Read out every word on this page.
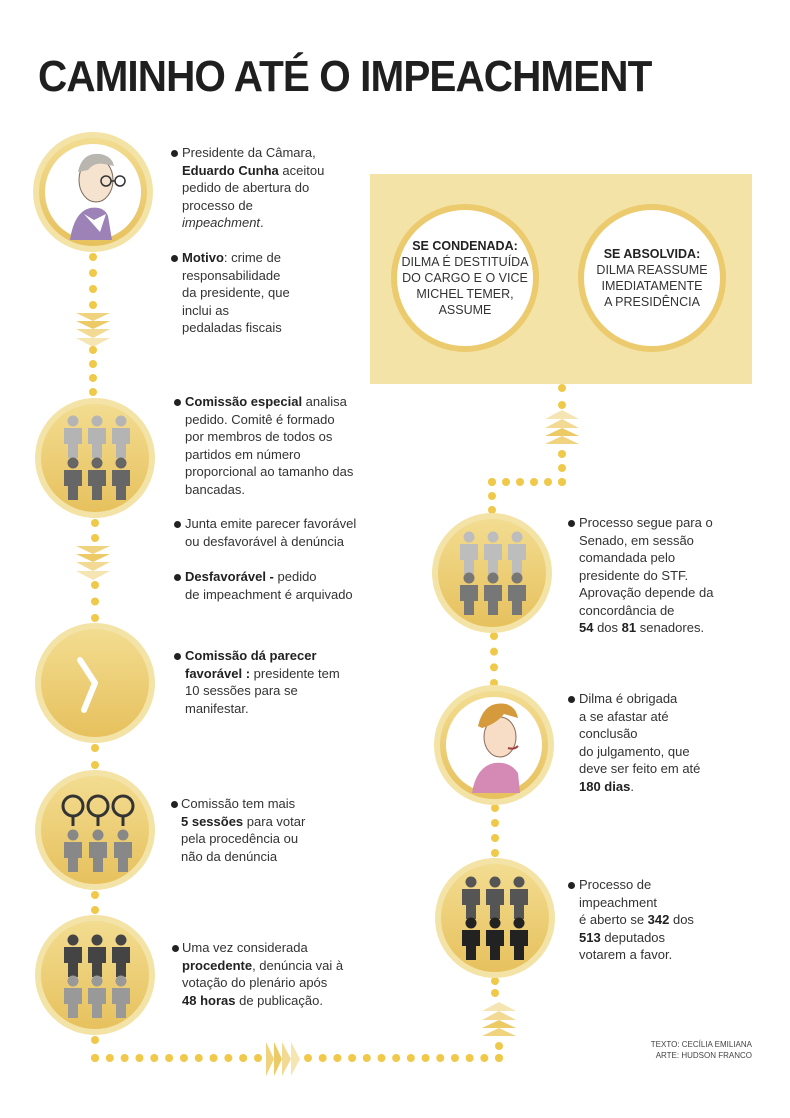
CAMINHO ATÉ O IMPEACHMENT
SE CONDENADA:
DILMA É DESTITUÍDA
DO CARGO E O VICE
MICHEL TEMER,
ASSUME
SE ABSOLVIDA:
DILMA REASSUME
IMEDIATAMENTE
A PRESIDÊNCIA
Presidente da Câmara,
Eduardo Cunha aceitou
pedido de abertura do
processo de
impeachment.
Motivo: crime de
responsabilidade
da presidente, que
inclui as
pedaladas fiscais
Comissão especial analisa
pedido. Comitê é formado
por membros de todos os
partidos em número
proporcional ao tamanho das
bancadas.
Junta emite parecer favorável
ou desfavorável à denúncia
Desfavorável - pedido
de impeachment é arquivado
Comissão dá parecer
favorável : presidente tem
10 sessões para se
manifestar.
Comissão tem mais
5 sessões para votar
pela procedência ou
não da denúncia
Uma vez considerada
procedente, denúncia vai à
votação do plenário após
48 horas de publicação.
Processo segue para o
Senado, em sessão
comandada pelo
presidente do STF.
Aprovação depende da
concordância de
54 dos 81 senadores.
Dilma é obrigada
a se afastar até
conclusão
do julgamento, que
deve ser feito em até
180 dias.
Processo de
impeachment
é aberto se 342 dos
513 deputados
votarem a favor.
TEXTO: CECÍLIA EMILIANA
ARTE: HUDSON FRANCO
